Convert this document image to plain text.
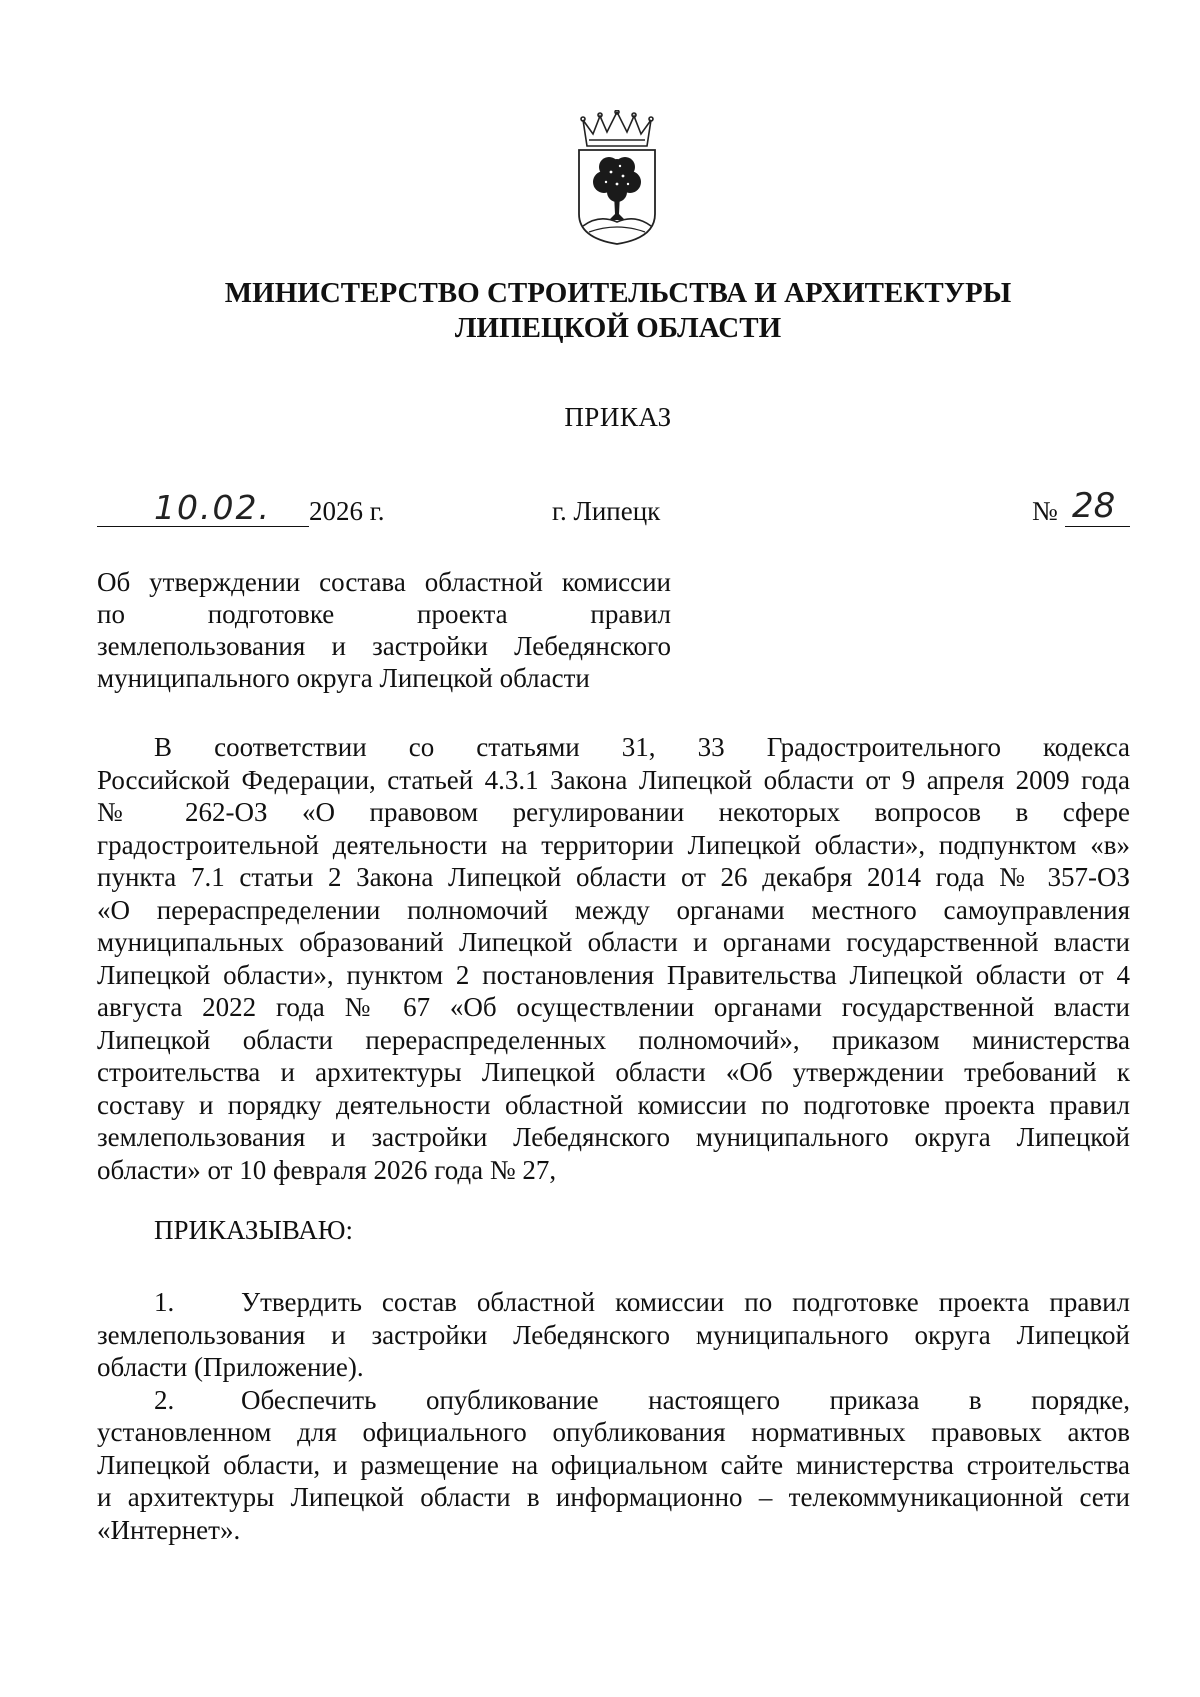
МИНИСТЕРСТВО СТРОИТЕЛЬСТВА И АРХИТЕКТУРЫ
ЛИПЕЦКОЙ ОБЛАСТИ
ПРИКАЗ
10.02. 2026 г.	г. Липецк	№ 28
Об утверждении состава областной комиссии
по подготовке проекта правил
землепользования и застройки Лебедянского
муниципального округа Липецкой области
В соответствии со статьями 31, 33 Градостроительного кодекса
Российской Федерации, статьей 4.3.1 Закона Липецкой области от 9 апреля 2009 года
№ 262-ОЗ «О правовом регулировании некоторых вопросов в сфере
градостроительной деятельности на территории Липецкой области», подпунктом «в»
пункта 7.1 статьи 2 Закона Липецкой области от 26 декабря 2014 года № 357-ОЗ
«О перераспределении полномочий между органами местного самоуправления
муниципальных образований Липецкой области и органами государственной власти
Липецкой области», пунктом 2 постановления Правительства Липецкой области от 4
августа 2022 года № 67 «Об осуществлении органами государственной власти
Липецкой области перераспределенных полномочий», приказом министерства
строительства и архитектуры Липецкой области «Об утверждении требований к
составу и порядку деятельности областной комиссии по подготовке проекта правил
землепользования и застройки Лебедянского муниципального округа Липецкой
области» от 10 февраля 2026 года № 27,
ПРИКАЗЫВАЮ:
1. Утвердить состав областной комиссии по подготовке проекта правил
землепользования и застройки Лебедянского муниципального округа Липецкой
области (Приложение).
2. Обеспечить опубликование настоящего приказа в порядке,
установленном для официального опубликования нормативных правовых актов
Липецкой области, и размещение на официальном сайте министерства строительства
и архитектуры Липецкой области в информационно – телекоммуникационной сети
«Интернет».
